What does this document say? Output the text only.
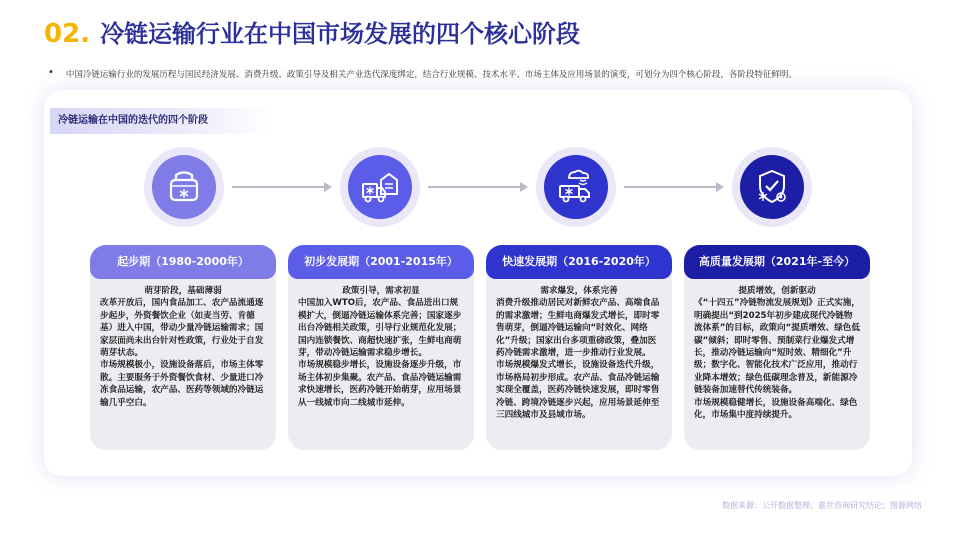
02. 冷链运输行业在中国市场发展的四个核心阶段
• 中国冷链运输行业的发展历程与国民经济发展、消费升级、政策引导及相关产业迭代深度绑定，结合行业规模、技术水平、市场主体及应用场景的演变，可划分为四个核心阶段，各阶段特征鲜明。
冷链运输在中国的迭代的四个阶段
起步期（1980-2000年）
萌芽阶段，基础薄弱
改革开放后，国内食品加工、农产品流通逐步起步，外资餐饮企业（如麦当劳、肯德基）进入中国，带动少量冷链运输需求；国家层面尚未出台针对性政策，行业处于自发萌芽状态。
市场规模极小，设施设备落后，市场主体零散。主要服务于外资餐饮食材、少量进口冷冻食品运输，农产品、医药等领域的冷链运输几乎空白。
初步发展期（2001-2015年）
政策引导，需求初显
中国加入WTO后，农产品、食品进出口规模扩大，倒逼冷链运输体系完善；国家逐步出台冷链相关政策，引导行业规范化发展；国内连锁餐饮、商超快速扩张，生鲜电商萌芽，带动冷链运输需求稳步增长。
市场规模稳步增长，设施设备逐步升级，市场主体初步集聚。农产品、食品冷链运输需求快速增长，医药冷链开始萌芽，应用场景从一线城市向二线城市延伸。
快速发展期（2016-2020年）
需求爆发，体系完善
消费升级推动居民对新鲜农产品、高端食品的需求激增；生鲜电商爆发式增长，即时零售萌芽，倒逼冷链运输向“时效化、网络化”升级；国家出台多项重磅政策，叠加医药冷链需求激增，进一步推动行业发展。
市场规模爆发式增长，设施设备迭代升级，市场格局初步形成。农产品、食品冷链运输实现全覆盖，医药冷链快速发展，即时零售冷链、跨境冷链逐步兴起，应用场景延伸至三四线城市及县域市场。
高质量发展期（2021年-至今）
提质增效，创新驱动
《“十四五”冷链物流发展规划》正式实施，明确提出“到2025年初步建成现代冷链物流体系”的目标，政策向“提质增效、绿色低碳”倾斜；即时零售、预制菜行业爆发式增长，推动冷链运输向“短时效、精细化”升级；数字化、智能化技术广泛应用，推动行业降本增效；绿色低碳理念普及，新能源冷链装备加速替代传统装备。
市场规模稳健增长，设施设备高端化、绿色化，市场集中度持续提升。
数据来源：公开数据整理；嘉世咨询研究结论；图源网络
